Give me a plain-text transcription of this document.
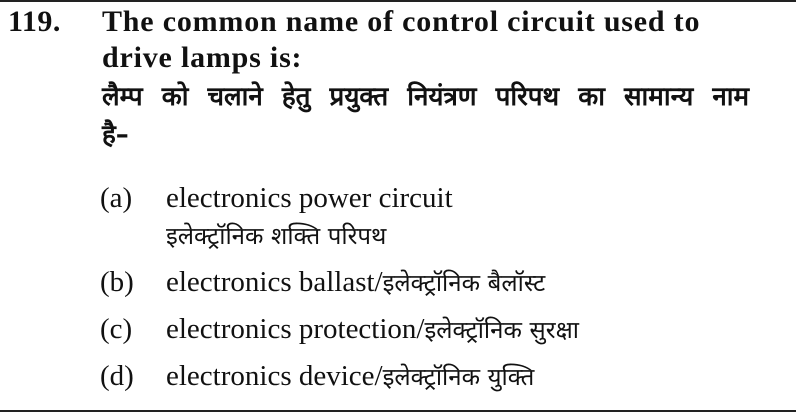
119.	The common name of control circuit used to
drive lamps is:
लैम्प को चलाने हेतु प्रयुक्त नियंत्रण परिपथ का सामान्य नाम है–
(a)	electronics power circuit
इलेक्ट्रॉनिक शक्ति परिपथ
(b)	electronics ballast/इलेक्ट्रॉनिक बैलॉस्ट
(c)	electronics protection/इलेक्ट्रॉनिक सुरक्षा
(d)	electronics device/इलेक्ट्रॉनिक युक्ति
